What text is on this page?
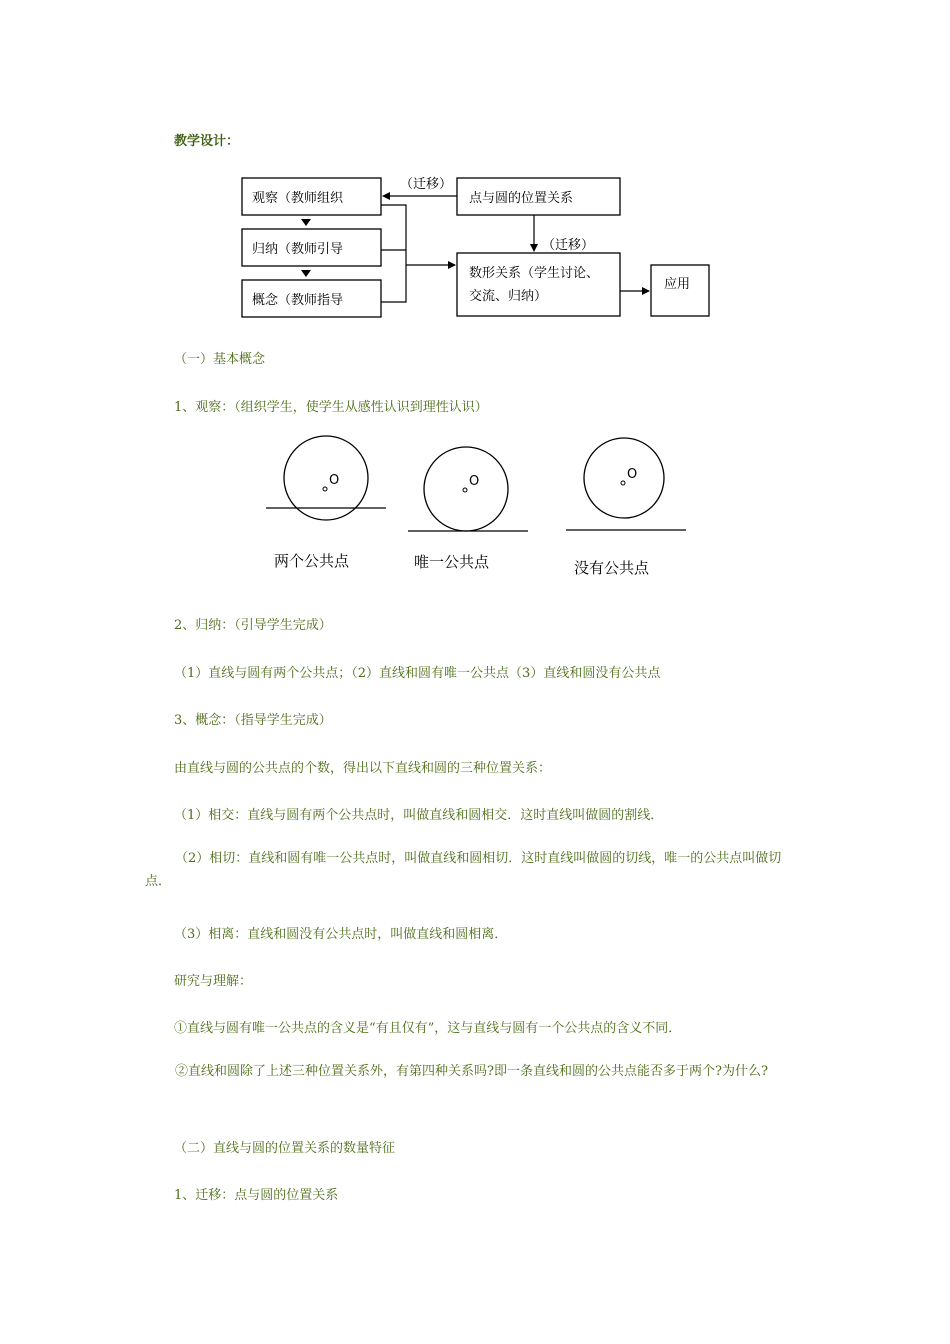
教学设计：
观察（教师组织
归纳（教师引导
概念（教师指导
点与圆的位置关系
数形关系（学生讨论、
交流、归纳）
应用
（迁移）
（迁移）
（一）基本概念
1、观察：（组织学生，使学生从感性认识到理性认识）
O
两个公共点
O
唯一公共点
O
没有公共点
2、归纳：（引导学生完成）
（1）直线与圆有两个公共点；（2）直线和圆有唯一公共点（3）直线和圆没有公共点
3、概念：（指导学生完成）
由直线与圆的公共点的个数，得出以下直线和圆的三种位置关系：
（1）相交：直线与圆有两个公共点时，叫做直线和圆相交．这时直线叫做圆的割线．
（2）相切：直线和圆有唯一公共点时，叫做直线和圆相切．这时直线叫做圆的切线，唯一的公共点叫做切点．
（3）相离：直线和圆没有公共点时，叫做直线和圆相离．
研究与理解：
①直线与圆有唯一公共点的含义是“有且仅有”，这与直线与圆有一个公共点的含义不同．
②直线和圆除了上述三种位置关系外，有第四种关系吗?即一条直线和圆的公共点能否多于两个?为什么?
（二）直线与圆的位置关系的数量特征
1、迁移：点与圆的位置关系
